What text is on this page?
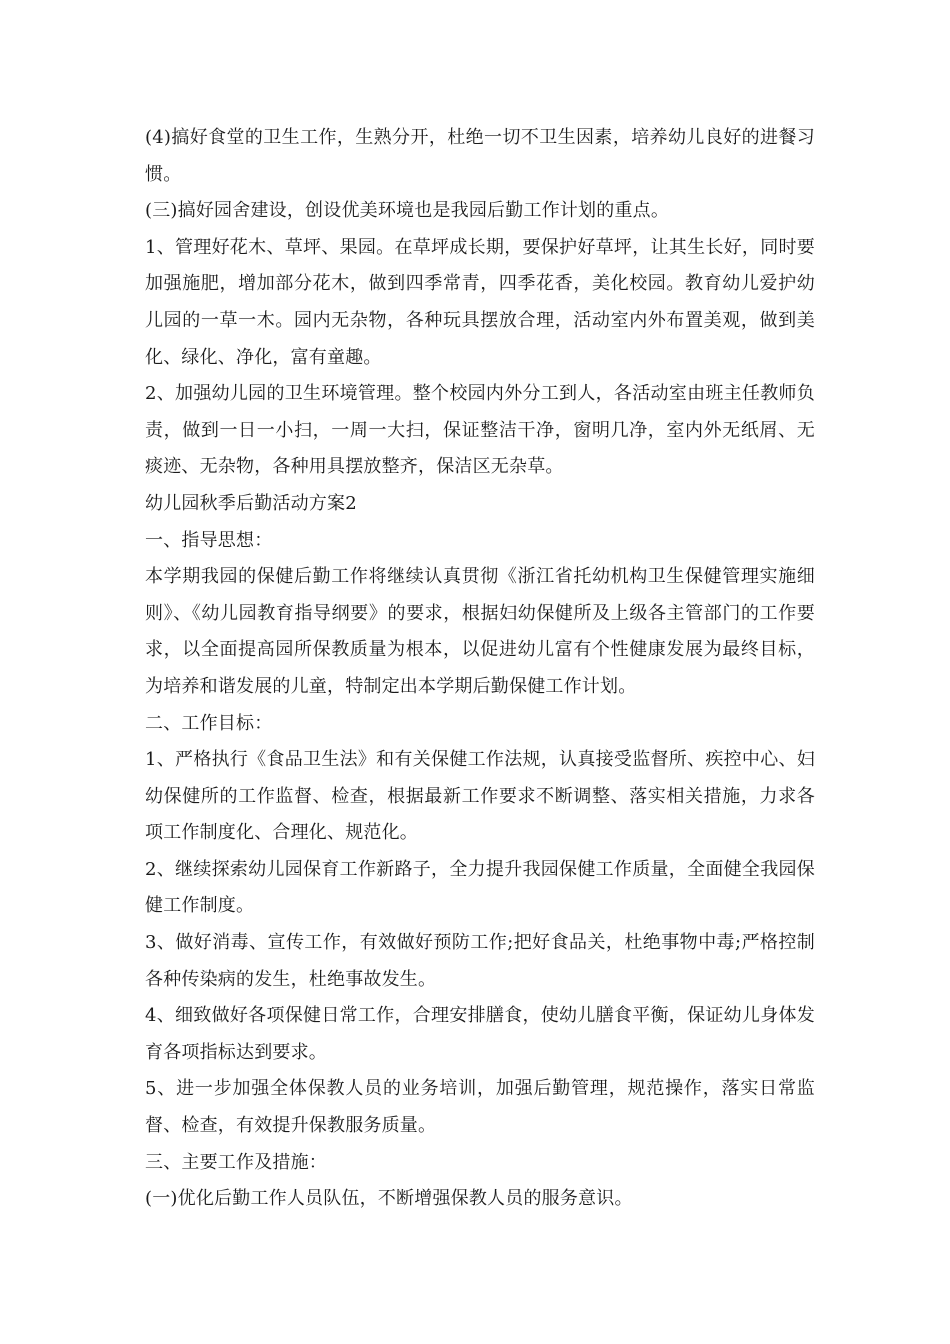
(4)搞好食堂的卫生工作，生熟分开，杜绝一切不卫生因素，培养幼儿良好的进餐习惯。

(三)搞好园舍建设，创设优美环境也是我园后勤工作计划的重点。

1、管理好花木、草坪、果园。在草坪成长期，要保护好草坪，让其生长好，同时要加强施肥，增加部分花木，做到四季常青，四季花香，美化校园。教育幼儿爱护幼儿园的一草一木。园内无杂物，各种玩具摆放合理，活动室内外布置美观，做到美化、绿化、净化，富有童趣。

2、加强幼儿园的卫生环境管理。整个校园内外分工到人，各活动室由班主任教师负责，做到一日一小扫，一周一大扫，保证整洁干净，窗明几净，室内外无纸屑、无痰迹、无杂物，各种用具摆放整齐，保洁区无杂草。

幼儿园秋季后勤活动方案2

一、指导思想：

本学期我园的保健后勤工作将继续认真贯彻《浙江省托幼机构卫生保健管理实施细则》、《幼儿园教育指导纲要》的要求，根据妇幼保健所及上级各主管部门的工作要求，以全面提高园所保教质量为根本，以促进幼儿富有个性健康发展为最终目标，为培养和谐发展的儿童，特制定出本学期后勤保健工作计划。

二、工作目标：

1、严格执行《食品卫生法》和有关保健工作法规，认真接受监督所、疾控中心、妇幼保健所的工作监督、检查，根据最新工作要求不断调整、落实相关措施，力求各项工作制度化、合理化、规范化。

2、继续探索幼儿园保育工作新路子，全力提升我园保健工作质量，全面健全我园保健工作制度。

3、做好消毒、宣传工作，有效做好预防工作;把好食品关，杜绝事物中毒;严格控制各种传染病的发生，杜绝事故发生。

4、细致做好各项保健日常工作，合理安排膳食，使幼儿膳食平衡，保证幼儿身体发育各项指标达到要求。

5、进一步加强全体保教人员的业务培训，加强后勤管理，规范操作，落实日常监督、检查，有效提升保教服务质量。

三、主要工作及措施：

(一)优化后勤工作人员队伍，不断增强保教人员的服务意识。
